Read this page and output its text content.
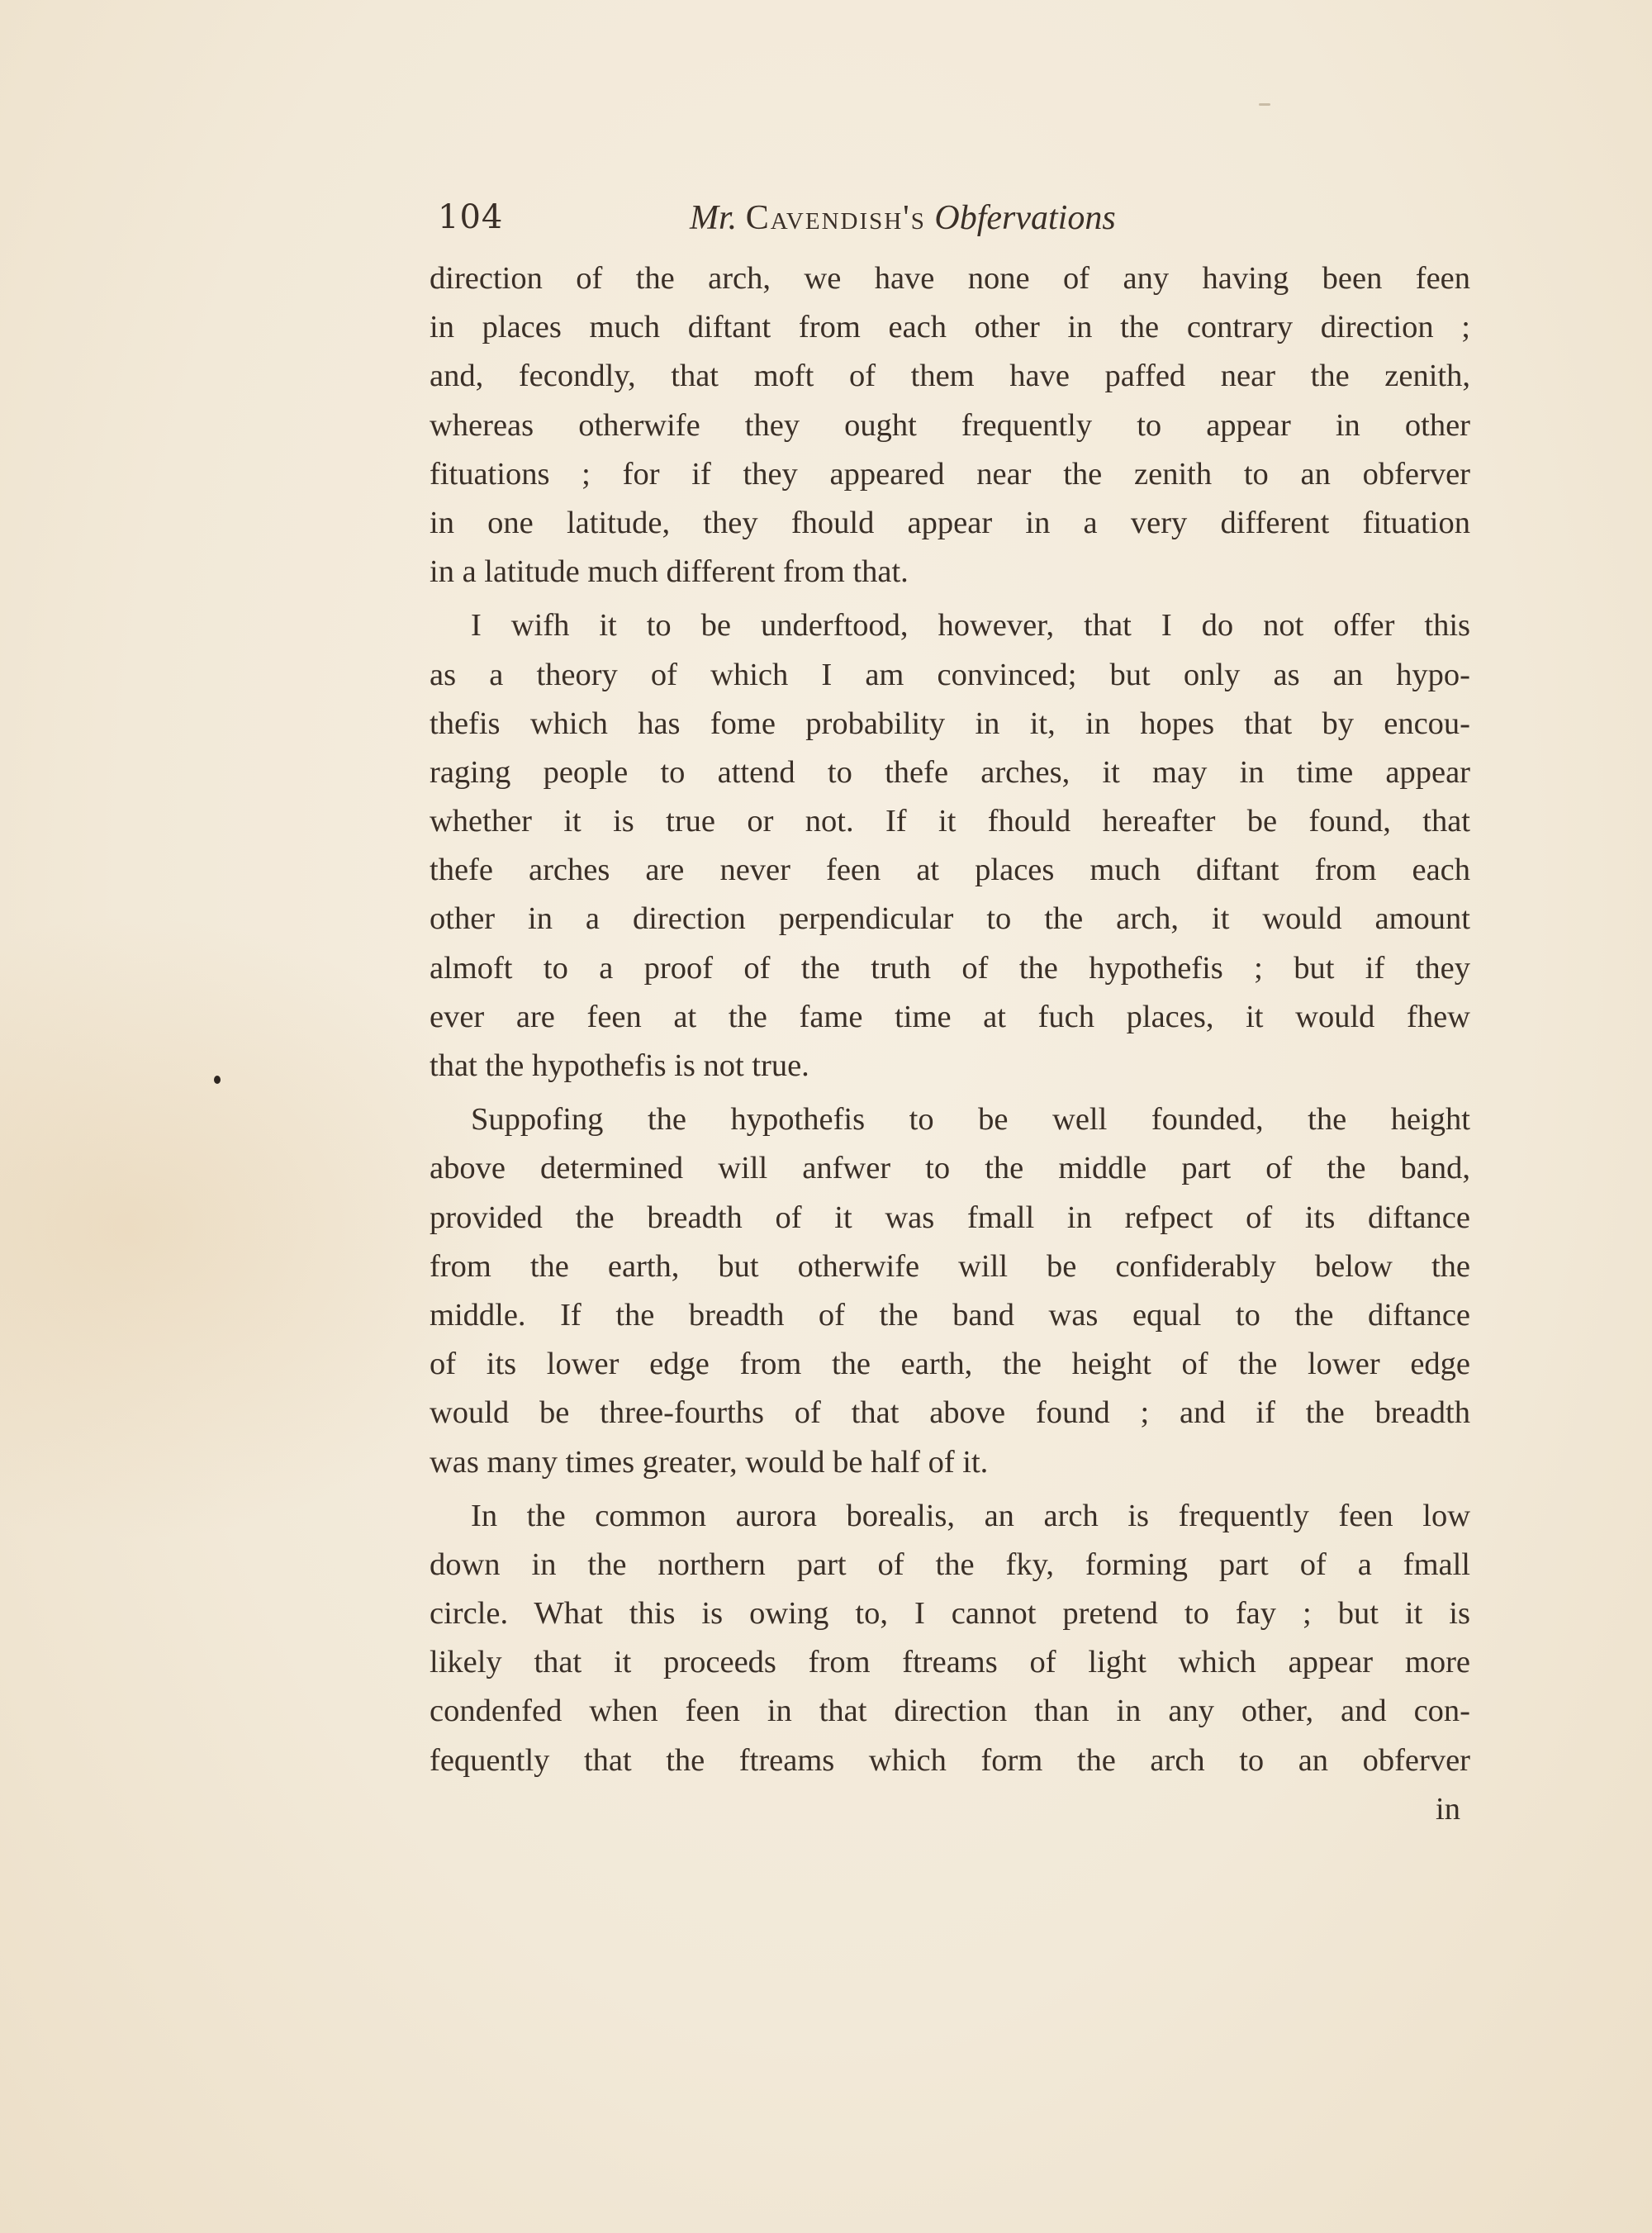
104	Mr. Cavendish's Obfervations
direction of the arch, we have none of any having been feen
in places much diftant from each other in the contrary direction ;
and, fecondly, that moft of them have paffed near the zenith,
whereas otherwife they ought frequently to appear in other
fituations ; for if they appeared near the zenith to an obferver
in one latitude, they fhould appear in a very different fituation
in a latitude much different from that.
I wifh it to be underftood, however, that I do not offer this
as a theory of which I am convinced; but only as an hypo-
thefis which has fome probability in it, in hopes that by encou-
raging people to attend to thefe arches, it may in time appear
whether it is true or not. If it fhould hereafter be found, that
thefe arches are never feen at places much diftant from each
other in a direction perpendicular to the arch, it would amount
almoft to a proof of the truth of the hypothefis ; but if they
ever are feen at the fame time at fuch places, it would fhew
that the hypothefis is not true.
Suppofing the hypothefis to be well founded, the height
above determined will anfwer to the middle part of the band,
provided the breadth of it was fmall in refpect of its diftance
from the earth, but otherwife will be confiderably below the
middle. If the breadth of the band was equal to the diftance
of its lower edge from the earth, the height of the lower edge
would be three-fourths of that above found ; and if the breadth
was many times greater, would be half of it.
In the common aurora borealis, an arch is frequently feen low
down in the northern part of the fky, forming part of a fmall
circle. What this is owing to, I cannot pretend to fay ; but it is
likely that it proceeds from ftreams of light which appear more
condenfed when feen in that direction than in any other, and con-
fequently that the ftreams which form the arch to an obferver
in
